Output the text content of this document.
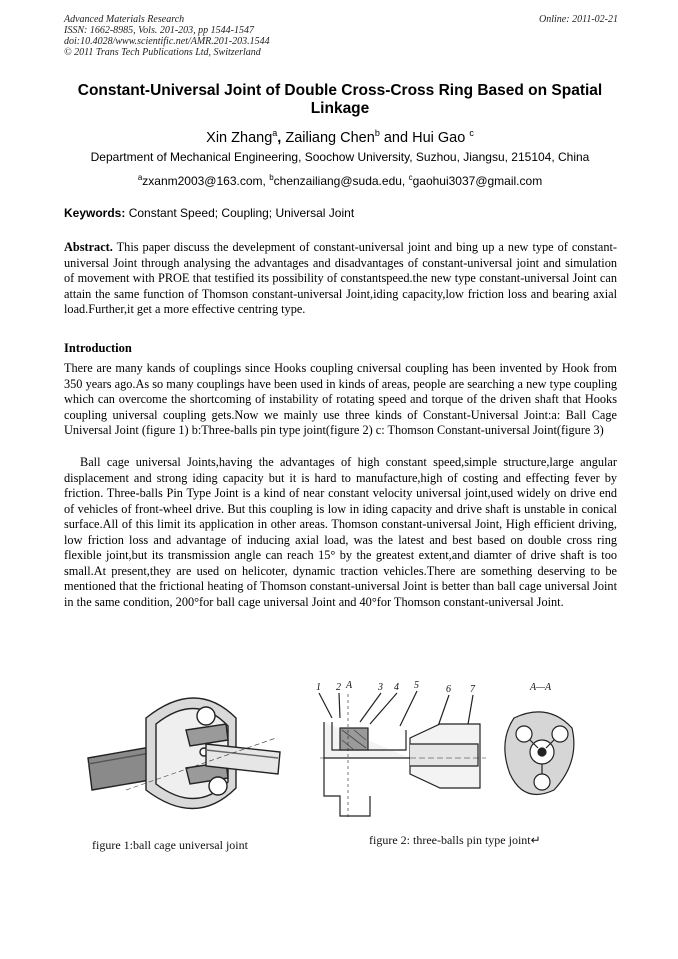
Advanced Materials Research
ISSN: 1662-8985, Vols. 201-203, pp 1544-1547
doi:10.4028/www.scientific.net/AMR.201-203.1544
© 2011 Trans Tech Publications Ltd, Switzerland
Online: 2011-02-21
Constant-Universal Joint of Double Cross-Cross Ring Based on Spatial Linkage
Xin Zhang$^a$, Zailiang Chen$^b$ and Hui Gao $^c$
Department of Mechanical Engineering, Soochow University, Suzhou, Jiangsu, 215104, China
$^a$zxanm2003@163.com, $^b$chenzailiang@suda.edu, $^c$gaohui3037@gmail.com
Keywords: Constant Speed; Coupling; Universal Joint
Abstract. This paper discuss the develepment of constant-universal joint and bing up a new type of constant-universal Joint through analysing the advantages and disadvantages of constant-universal joint and simulation of movement with PROE that testified its possibility of constantspeed.the new type constant-universal Joint can attain the same function of Thomson constant-universal Joint,iding capacity,low friction loss and bearing axial load.Further,it get a more effective centring type.
Introduction
There are many kands of couplings since Hooks coupling cniversal coupling has been invented by Hook from 350 years ago.As so many couplings have been used in kinds of areas, people are searching a new type coupling which can overcome the shortcoming of instability of rotating speed and torque of the driven shaft that Hooks coupling universal coupling gets.Now we mainly use three kinds of Constant-Universal Joint:a: Ball Cage Universal Joint (figure 1) b:Three-balls pin type joint(figure 2) c: Thomson Constant-universal Joint(figure 3)
Ball cage universal Joints,having the advantages of high constant speed,simple structure,large angular displacement and strong iding capacity but it is hard to manufacture,high of costing and effecting fever by friction. Three-balls Pin Type Joint is a kind of near constant velocity universal joint,used widely on drive end of vehicles of front-wheel drive. But this coupling is low in iding capacity and drive shaft is unstable in conical surface.All of this limit its application in other areas. Thomson constant-universal Joint, High efficient driving, low friction loss and advantage of inducing axial load, was the latest and best based on double cross ring flexible joint,but its transmission angle can reach 15° by the greatest extent,and diamter of drive shaft is too small.At present,they are used on helicoter, dynamic traction vehicles.There are something deserving to be mentioned that the frictional heating of Thomson constant-universal Joint is better than ball cage universal Joint in the same condition, 200°for ball cage universal Joint and 40°for Thomson constant-universal Joint.
figure 1:ball cage universal joint
1 2 A	3 4 5	6 7	A—A
figure 2: three-balls pin type joint↵
